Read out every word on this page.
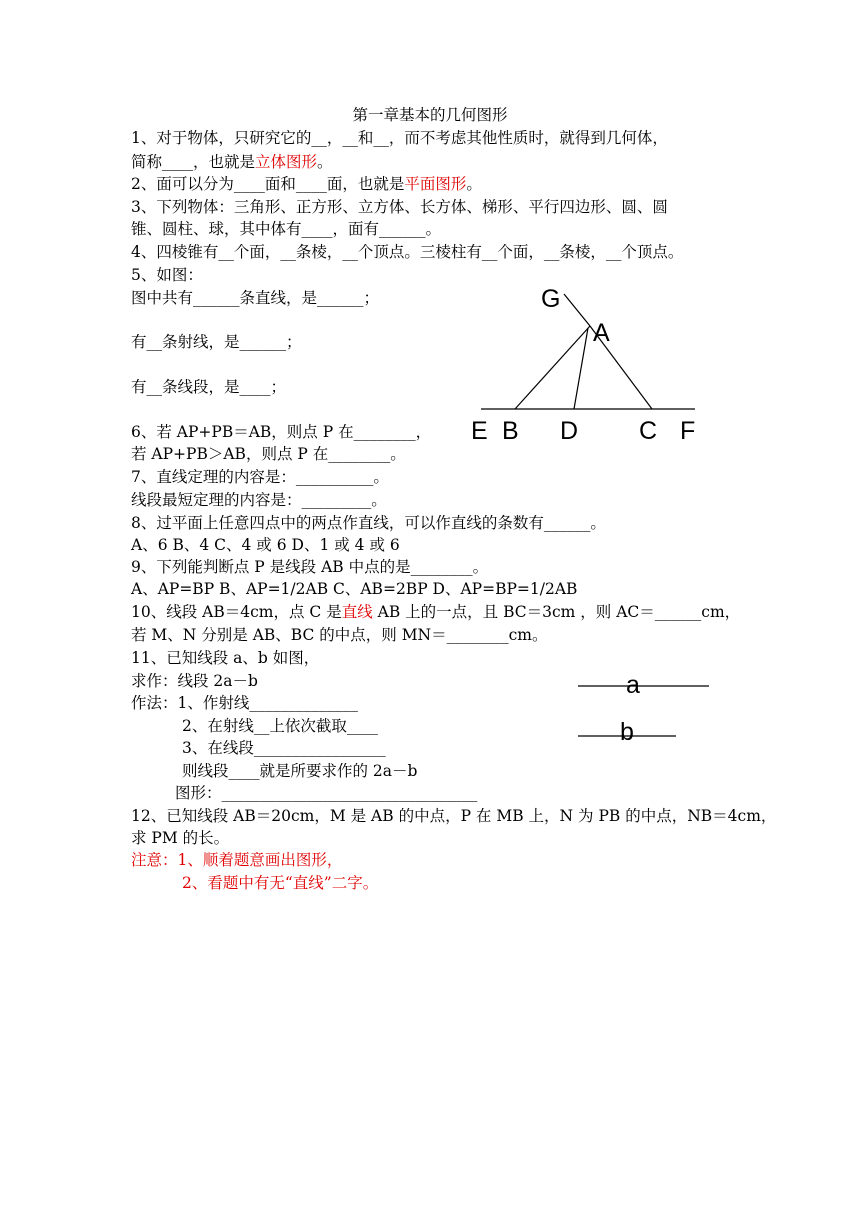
第一章基本的几何图形
1、对于物体，只研究它的__，__和__，而不考虑其他性质时，就得到几何体，
简称____，也就是立体图形。
2、面可以分为____面和____面，也就是平面图形。
3、下列物体：三角形、正方形、立方体、长方体、梯形、平行四边形、圆、圆
锥、圆柱、球，其中体有____，面有______。
4、四棱锥有__个面，__条棱，__个顶点。三棱柱有__个面，__条棱，__个顶点。
5、如图：
图中共有______条直线，是______；
有__条射线，是______；
有__条线段，是____；
G
A
E B D C F
6、若 AP+PB＝AB，则点 P 在________，
若 AP+PB＞AB，则点 P 在________。
7、直线定理的内容是：__________。
线段最短定理的内容是：_________。
8、过平面上任意四点中的两点作直线，可以作直线的条数有______。
A、6 B、4 C、4 或 6 D、1 或 4 或 6
9、下列能判断点 P 是线段 AB 中点的是________。
A、AP=BP B、AP=1/2AB C、AB=2BP D、AP=BP=1/2AB
10、线段 AB＝4cm，点 C 是直线 AB 上的一点，且 BC＝3cm ，则 AC＝______cm，
若 M、N 分别是 AB、BC 的中点，则 MN＝________cm。
11、已知线段 a、b 如图，
求作：线段 2a－b
作法：1、作射线______________
2、在射线__上依次截取____
3、在线段_________________
则线段____就是所要求作的 2a－b
图形：_________________________________
a
b
12、已知线段 AB＝20cm，M 是 AB 的中点，P 在 MB 上，N 为 PB 的中点，NB＝4cm，
求 PM 的长。
注意：1、顺着题意画出图形，
2、看题中有无“直线”二字。
